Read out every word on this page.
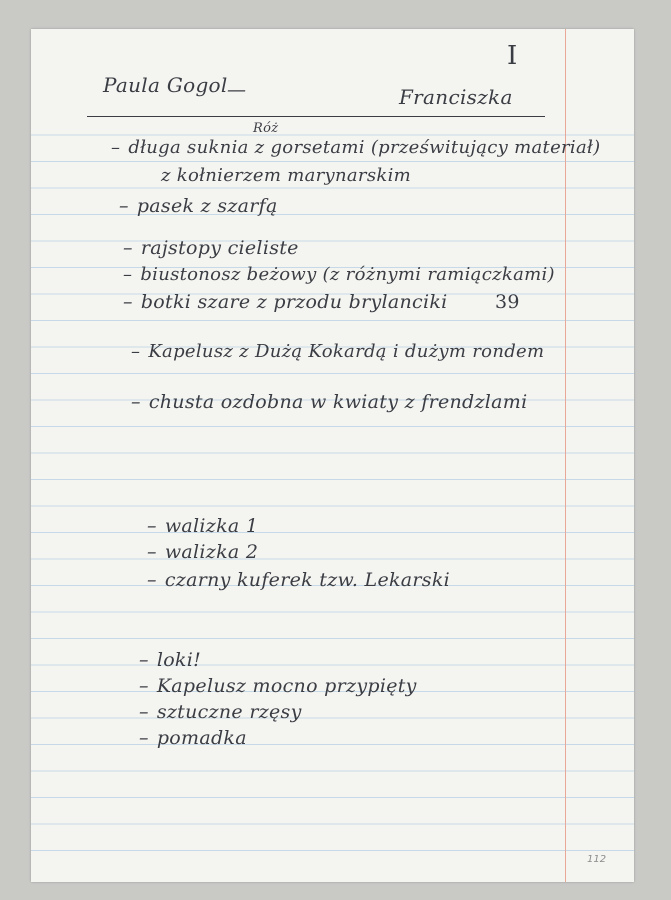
Paula Gogol —	Franciszka
I
Róż
– długa suknia z gorsetami (prześwitujący materiał)
z kołnierzem marynarskim
– pasek z szarfą
– rajstopy cieliste
– biustonosz beżowy (z różnymi ramiączkami)
– botki szare z przodu brylanciki 39
– Kapelusz z Dużą Kokardą i dużym rondem
– chusta ozdobna w kwiaty z frendzlami
– walizka 1
– walizka 2
– czarny kuferek tzw. Lekarski
– loki!
– Kapelusz mocno przypięty
– sztuczne rzęsy
– pomadka
112
